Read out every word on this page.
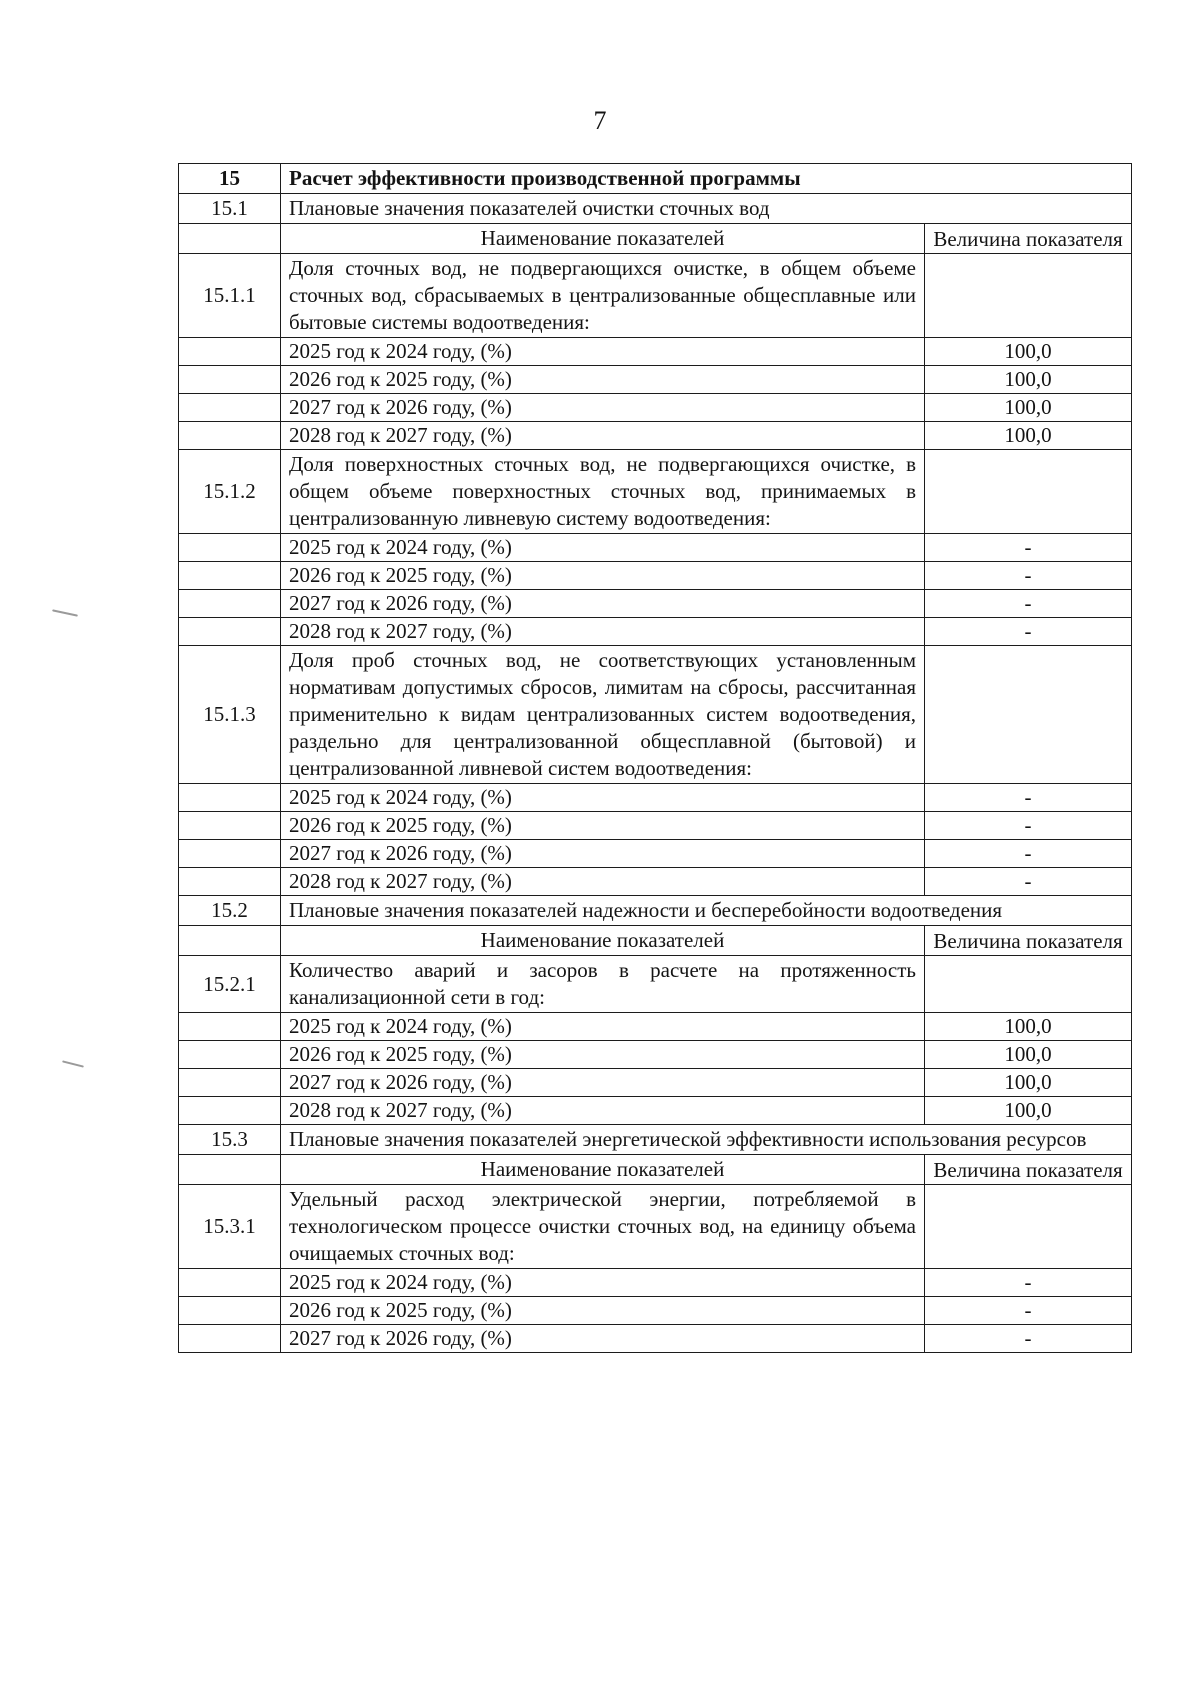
7
15	Расчет эффективности производственной программы	
15.1	Плановые значения показателей очистки сточных вод	
	Наименование показателей	Величина показателя
15.1.1	Доля сточных вод, не подвергающихся очистке, в общем объеме сточных вод, сбрасываемых в централизованные общесплавные или бытовые системы водоотведения:	
	2025 год к 2024 году, (%)	100,0
	2026 год к 2025 году, (%)	100,0
	2027 год к 2026 году, (%)	100,0
	2028 год к 2027 году, (%)	100,0
15.1.2	Доля поверхностных сточных вод, не подвергающихся очистке, в общем объеме поверхностных сточных вод, принимаемых в централизованную ливневую систему водоотведения:	
	2025 год к 2024 году, (%)	-
	2026 год к 2025 году, (%)	-
	2027 год к 2026 году, (%)	-
	2028 год к 2027 году, (%)	-
15.1.3	Доля проб сточных вод, не соответствующих установленным нормативам допустимых сбросов, лимитам на сбросы, рассчитанная применительно к видам централизованных систем водоотведения, раздельно для централизованной общесплавной (бытовой) и централизованной ливневой систем водоотведения:	
	2025 год к 2024 году, (%)	-
	2026 год к 2025 году, (%)	-
	2027 год к 2026 году, (%)	-
	2028 год к 2027 году, (%)	-
15.2	Плановые значения показателей надежности и бесперебойности водоотведения	
	Наименование показателей	Величина показателя
15.2.1	Количество аварий и засоров в расчете на протяженность канализационной сети в год:	
	2025 год к 2024 году, (%)	100,0
	2026 год к 2025 году, (%)	100,0
	2027 год к 2026 году, (%)	100,0
	2028 год к 2027 году, (%)	100,0
15.3	Плановые значения показателей энергетической эффективности использования ресурсов	
	Наименование показателей	Величина показателя
15.3.1	Удельный расход электрической энергии, потребляемой в технологическом процессе очистки сточных вод, на единицу объема очищаемых сточных вод:	
	2025 год к 2024 году, (%)	-
	2026 год к 2025 году, (%)	-
	2027 год к 2026 году, (%)	-
